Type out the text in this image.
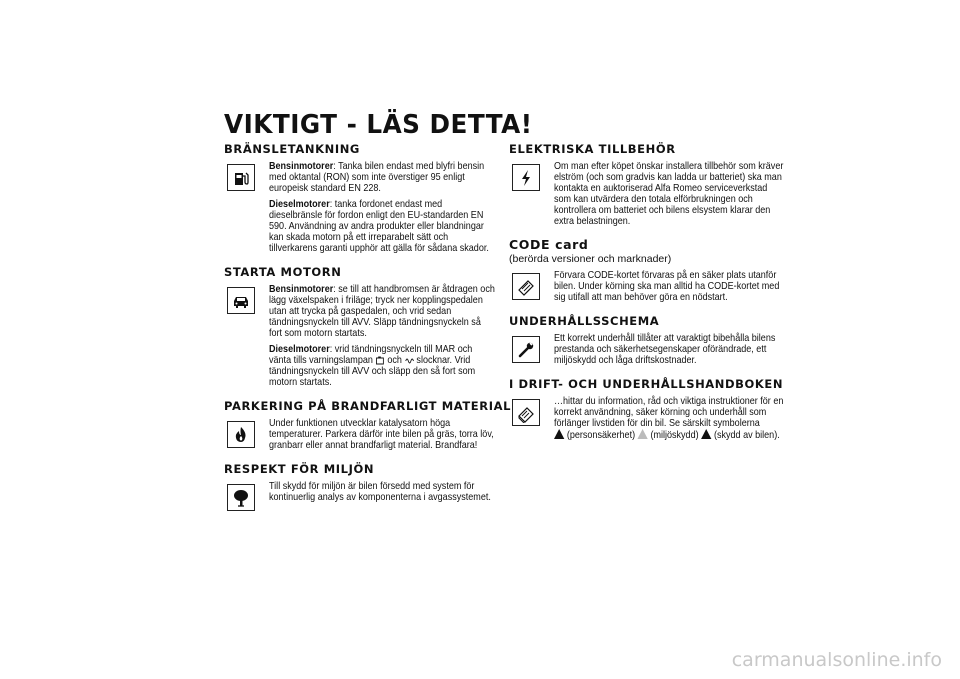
VIKTIGT - LÄS DETTA!
BRÄNSLETANKNING

Bensinmotorer: Tanka bilen endast med blyfri bensin med oktantal (RON) som inte överstiger 95 enligt europeisk standard EN 228.

Dieselmotorer: tanka fordonet endast med dieselbränsle för fordon enligt den EU-standarden EN 590. Användning av andra produkter eller blandningar kan skada motorn på ett irreparabelt sätt och tillverkarens garanti upphör att gälla för sådana skador.

STARTA MOTORN

Bensinmotorer: se till att handbromsen är åtdragen och lägg växelspaken i friläge; tryck ner kopplingspedalen utan att trycka på gaspedalen, och vrid sedan tändningsnyckeln till AVV. Släpp tändningsnyckeln så fort som motorn startats.

Dieselmotorer: vrid tändningsnyckeln till MAR och vänta tills varningslampan och slocknar. Vrid tändningsnyckeln till AVV och släpp den så fort som motorn startats.

PARKERING PÅ BRANDFARLIGT MATERIAL

Under funktionen utvecklar katalysatorn höga temperaturer. Parkera därför inte bilen på gräs, torra löv, granbarr eller annat brandfarligt material. Brandfara!

RESPEKT FÖR MILJÖN

Till skydd för miljön är bilen försedd med system för kontinuerlig analys av komponenterna i avgassystemet.

ELEKTRISKA TILLBEHÖR

Om man efter köpet önskar installera tillbehör som kräver elström (och som gradvis kan ladda ur batteriet) ska man kontakta en auktoriserad Alfa Romeo serviceverkstad som kan utvärdera den totala elförbrukningen och kontrollera om batteriet och bilens elsystem klarar den extra belastningen.

CODE card
(berörda versioner och marknader)

Förvara CODE-kortet förvaras på en säker plats utanför bilen. Under körning ska man alltid ha CODE-kortet med sig utifall att man behöver göra en nödstart.

UNDERHÅLLSSCHEMA

Ett korrekt underhåll tillåter att varaktigt bibehålla bilens prestanda och säkerhetsegenskaper oförändrade, ett miljöskydd och låga driftskostnader.

I DRIFT- OCH UNDERHÅLLSHANDBOKEN

…hittar du information, råd och viktiga instruktioner för en korrekt användning, säker körning och underhåll som förlänger livstiden för din bil. Se särskilt symbolerna
(personsäkerhet) (miljöskydd) (skydd av bilen).

carmanualsonline.info
